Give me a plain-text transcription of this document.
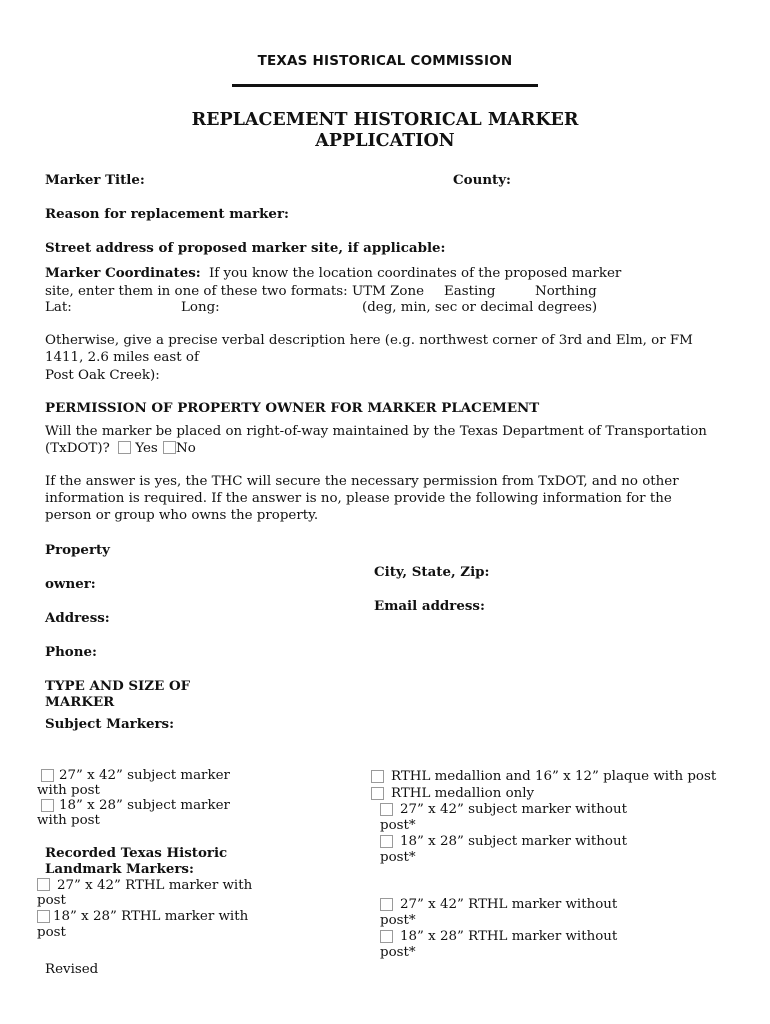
TEXAS HISTORICAL COMMISSION
REPLACEMENT HISTORICAL MARKER
APPLICATION
Marker Title:	County:
Reason for replacement marker:
Street address of proposed marker site, if applicable:
Marker Coordinates: If you know the location coordinates of the proposed marker
site, enter them in one of these two formats: UTM Zone Easting	Northing
Lat:	Long:	(deg, min, sec or decimal degrees)
Otherwise, give a precise verbal description here (e.g. northwest corner of 3rd and Elm, or FM
1411, 2.6 miles east of
Post Oak Creek):
PERMISSION OF PROPERTY OWNER FOR MARKER PLACEMENT
Will the marker be placed on right-of-way maintained by the Texas Department of Transportation
(TxDOT)? Yes No
If the answer is yes, the THC will secure the necessary permission from TxDOT, and no other
information is required. If the answer is no, please provide the following information for the
person or group who owns the property.
Property
owner:
Address:
Phone:
City, State, Zip:
Email address:
TYPE AND SIZE OF
MARKER
Subject Markers:
27” x 42” subject marker
with post
18” x 28” subject marker
with post
Recorded Texas Historic
Landmark Markers:
27” x 42” RTHL marker with
post
18” x 28” RTHL marker with
post
RTHL medallion and 16” x 12” plaque with post
RTHL medallion only
27” x 42” subject marker without
post*
18” x 28” subject marker without
post*
27” x 42” RTHL marker without
post*
18” x 28” RTHL marker without
post*
Revised
